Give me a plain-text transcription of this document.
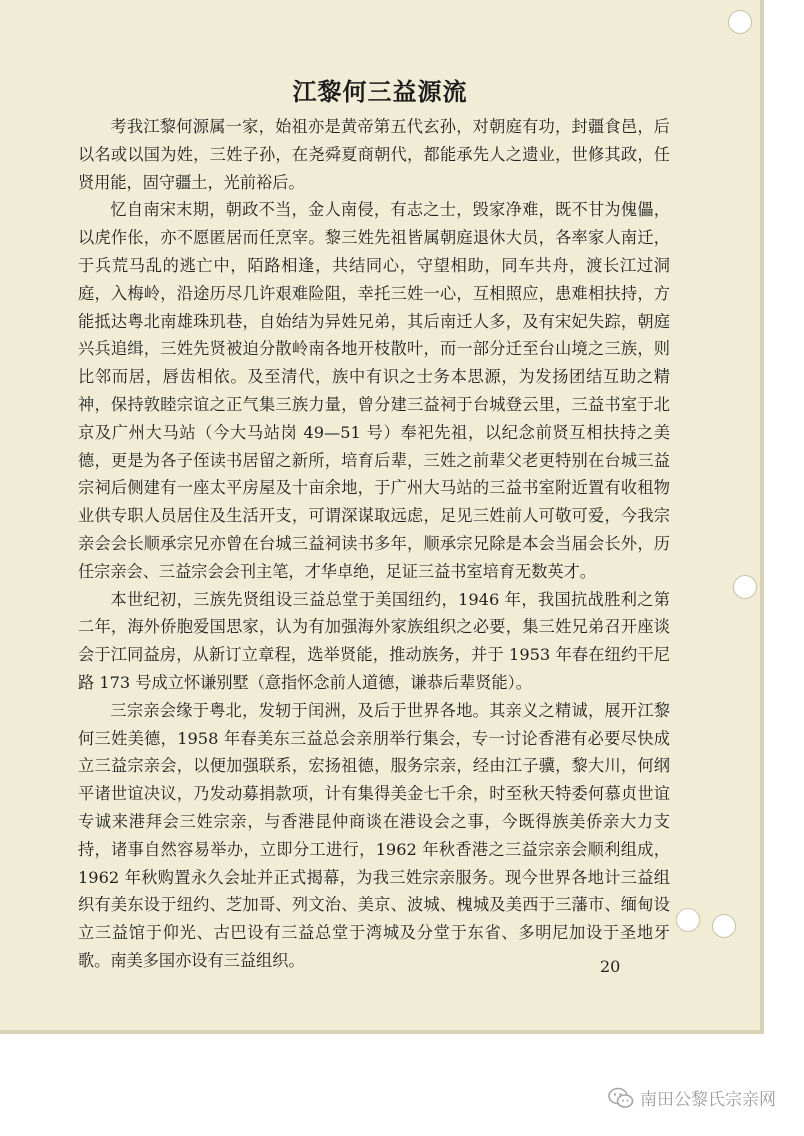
江黎何三益源流

考我江黎何源属一家，始祖亦是黄帝第五代玄孙，对朝庭有功，封疆食邑，后以名或以国为姓，三姓子孙，在尧舜夏商朝代，都能承先人之遗业，世修其政，任贤用能，固守疆土，光前裕后。

忆自南宋末期，朝政不当，金人南侵，有志之士，毁家净难，既不甘为傀儡，以虎作伥，亦不愿匿居而任烹宰。黎三姓先祖皆属朝庭退休大员，各率家人南迁，于兵荒马乱的逃亡中，陌路相逢，共结同心，守望相助，同车共舟，渡长江过洞庭，入梅岭，沿途历尽几许艰难险阻，幸托三姓一心，互相照应，患难相扶持，方能抵达粤北南雄珠玑巷，自始结为异姓兄弟，其后南迁人多，及有宋妃失踪，朝庭兴兵追缉，三姓先贤被迫分散岭南各地开枝散叶，而一部分迁至台山境之三族，则比邻而居，唇齿相依。及至清代，族中有识之士务本思源，为发扬团结互助之精神，保持敦睦宗谊之正气集三族力量，曾分建三益祠于台城登云里，三益书室于北京及广州大马站（今大马站岗 49—51 号）奉祀先祖，以纪念前贤互相扶持之美德，更是为各子侄读书居留之新所，培育后辈，三姓之前辈父老更特别在台城三益宗祠后侧建有一座太平房屋及十亩余地，于广州大马站的三益书室附近置有收租物业供专职人员居住及生活开支，可谓深谋取远虑，足见三姓前人可敬可爱，今我宗亲会会长顺承宗兄亦曾在台城三益祠读书多年，顺承宗兄除是本会当届会长外，历任宗亲会、三益宗会会刊主笔，才华卓绝，足证三益书室培育无数英才。

本世纪初，三族先贤组设三益总堂于美国纽约，1946 年，我国抗战胜利之第二年，海外侨胞爱国思家，认为有加强海外家族组织之必要，集三姓兄弟召开座谈会于江同益房，从新订立章程，选举贤能，推动族务，并于 1953 年春在纽约干尼路 173 号成立怀谦别墅（意指怀念前人道德，谦恭后辈贤能）。

三宗亲会缘于粤北，发轫于闰洲，及后于世界各地。其亲义之精诚，展开江黎何三姓美德，1958 年春美东三益总会亲朋举行集会，专一讨论香港有必要尽快成立三益宗亲会，以便加强联系，宏扬祖德，服务宗亲，经由江子骥，黎大川，何纲平诸世谊决议，乃发动募捐款项，计有集得美金七千余，时至秋天特委何慕贞世谊专诚来港拜会三姓宗亲，与香港昆仲商谈在港设会之事，今既得族美侨亲大力支持，诸事自然容易举办，立即分工进行，1962 年秋香港之三益宗亲会顺利组成，1962 年秋购置永久会址并正式揭幕，为我三姓宗亲服务。现今世界各地计三益组织有美东设于纽约、芝加哥、列文治、美京、波城、槐城及美西于三藩市、缅甸设立三益馆于仰光、古巴设有三益总堂于湾城及分堂于东省、多明尼加设于圣地牙歌。南美多国亦设有三益组织。	20
南田公黎氏宗亲网
